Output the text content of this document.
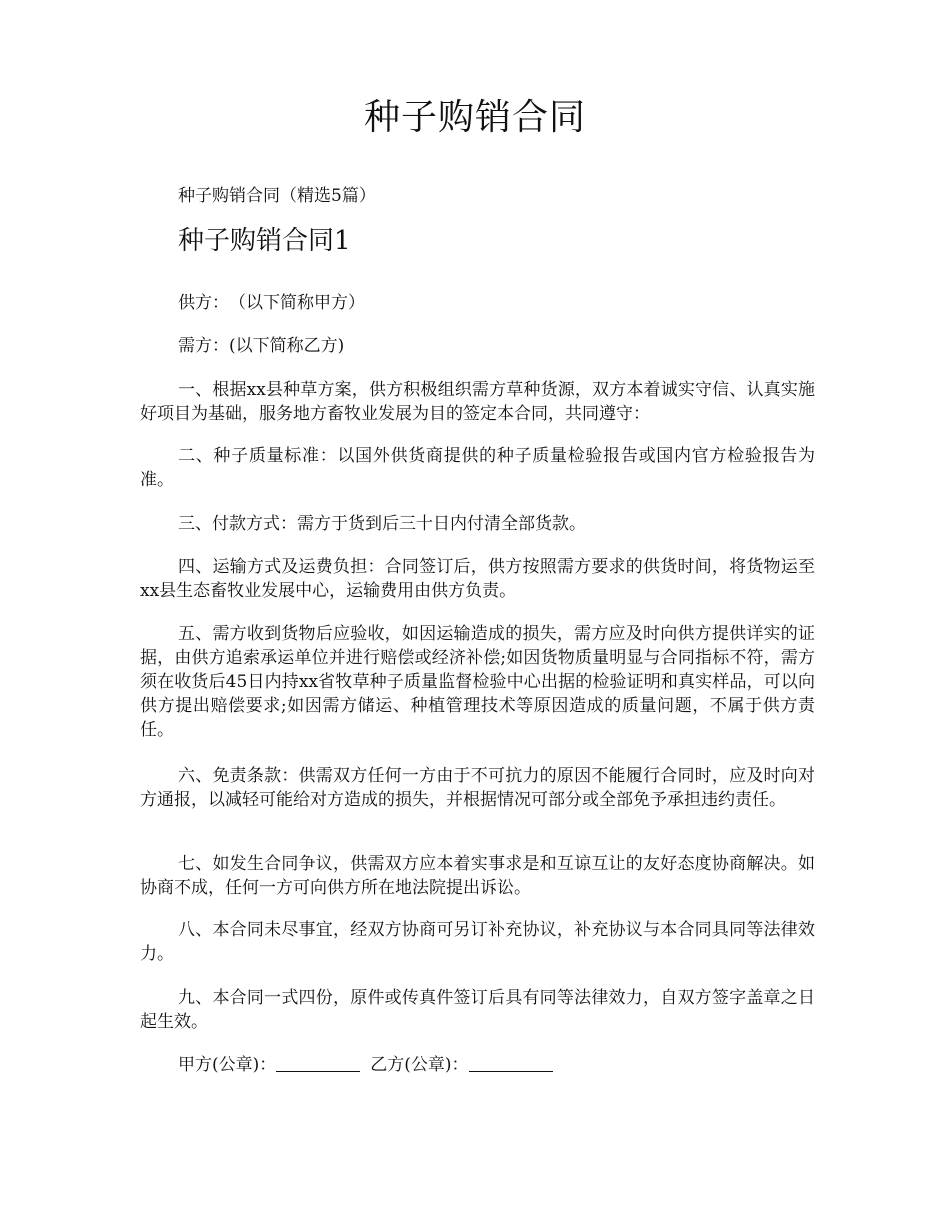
种子购销合同
种子购销合同（精选5篇）
种子购销合同1

供方：　（以下简称甲方）

需方：(以下简称乙方)

一、根据xx县种草方案，供方积极组织需方草种货源，双方本着诚实守信、认真实施好项目为基础，服务地方畜牧业发展为目的签定本合同，共同遵守：

二、种子质量标准：以国外供货商提供的种子质量检验报告或国内官方检验报告为准。

三、付款方式：需方于货到后三十日内付清全部货款。

四、运输方式及运费负担：合同签订后，供方按照需方要求的供货时间，将货物运至xx县生态畜牧业发展中心，运输费用由供方负责。

五、需方收到货物后应验收，如因运输造成的损失，需方应及时向供方提供详实的证据，由供方追索承运单位并进行赔偿或经济补偿;如因货物质量明显与合同指标不符，需方须在收货后45日内持xx省牧草种子质量监督检验中心出据的检验证明和真实样品，可以向供方提出赔偿要求;如因需方储运、种植管理技术等原因造成的质量问题，不属于供方责任。

六、免责条款：供需双方任何一方由于不可抗力的原因不能履行合同时，应及时向对方通报，以减轻可能给对方造成的损失，并根据情况可部分或全部免予承担违约责任。

七、如发生合同争议，供需双方应本着实事求是和互谅互让的友好态度协商解决。如协商不成，任何一方可向供方所在地法院提出诉讼。

八、本合同未尽事宜，经双方协商可另订补充协议，补充协议与本合同具同等法律效力。

九、本合同一式四份，原件或传真件签订后具有同等法律效力，自双方签字盖章之日起生效。

甲方(公章)：	乙方(公章)：
